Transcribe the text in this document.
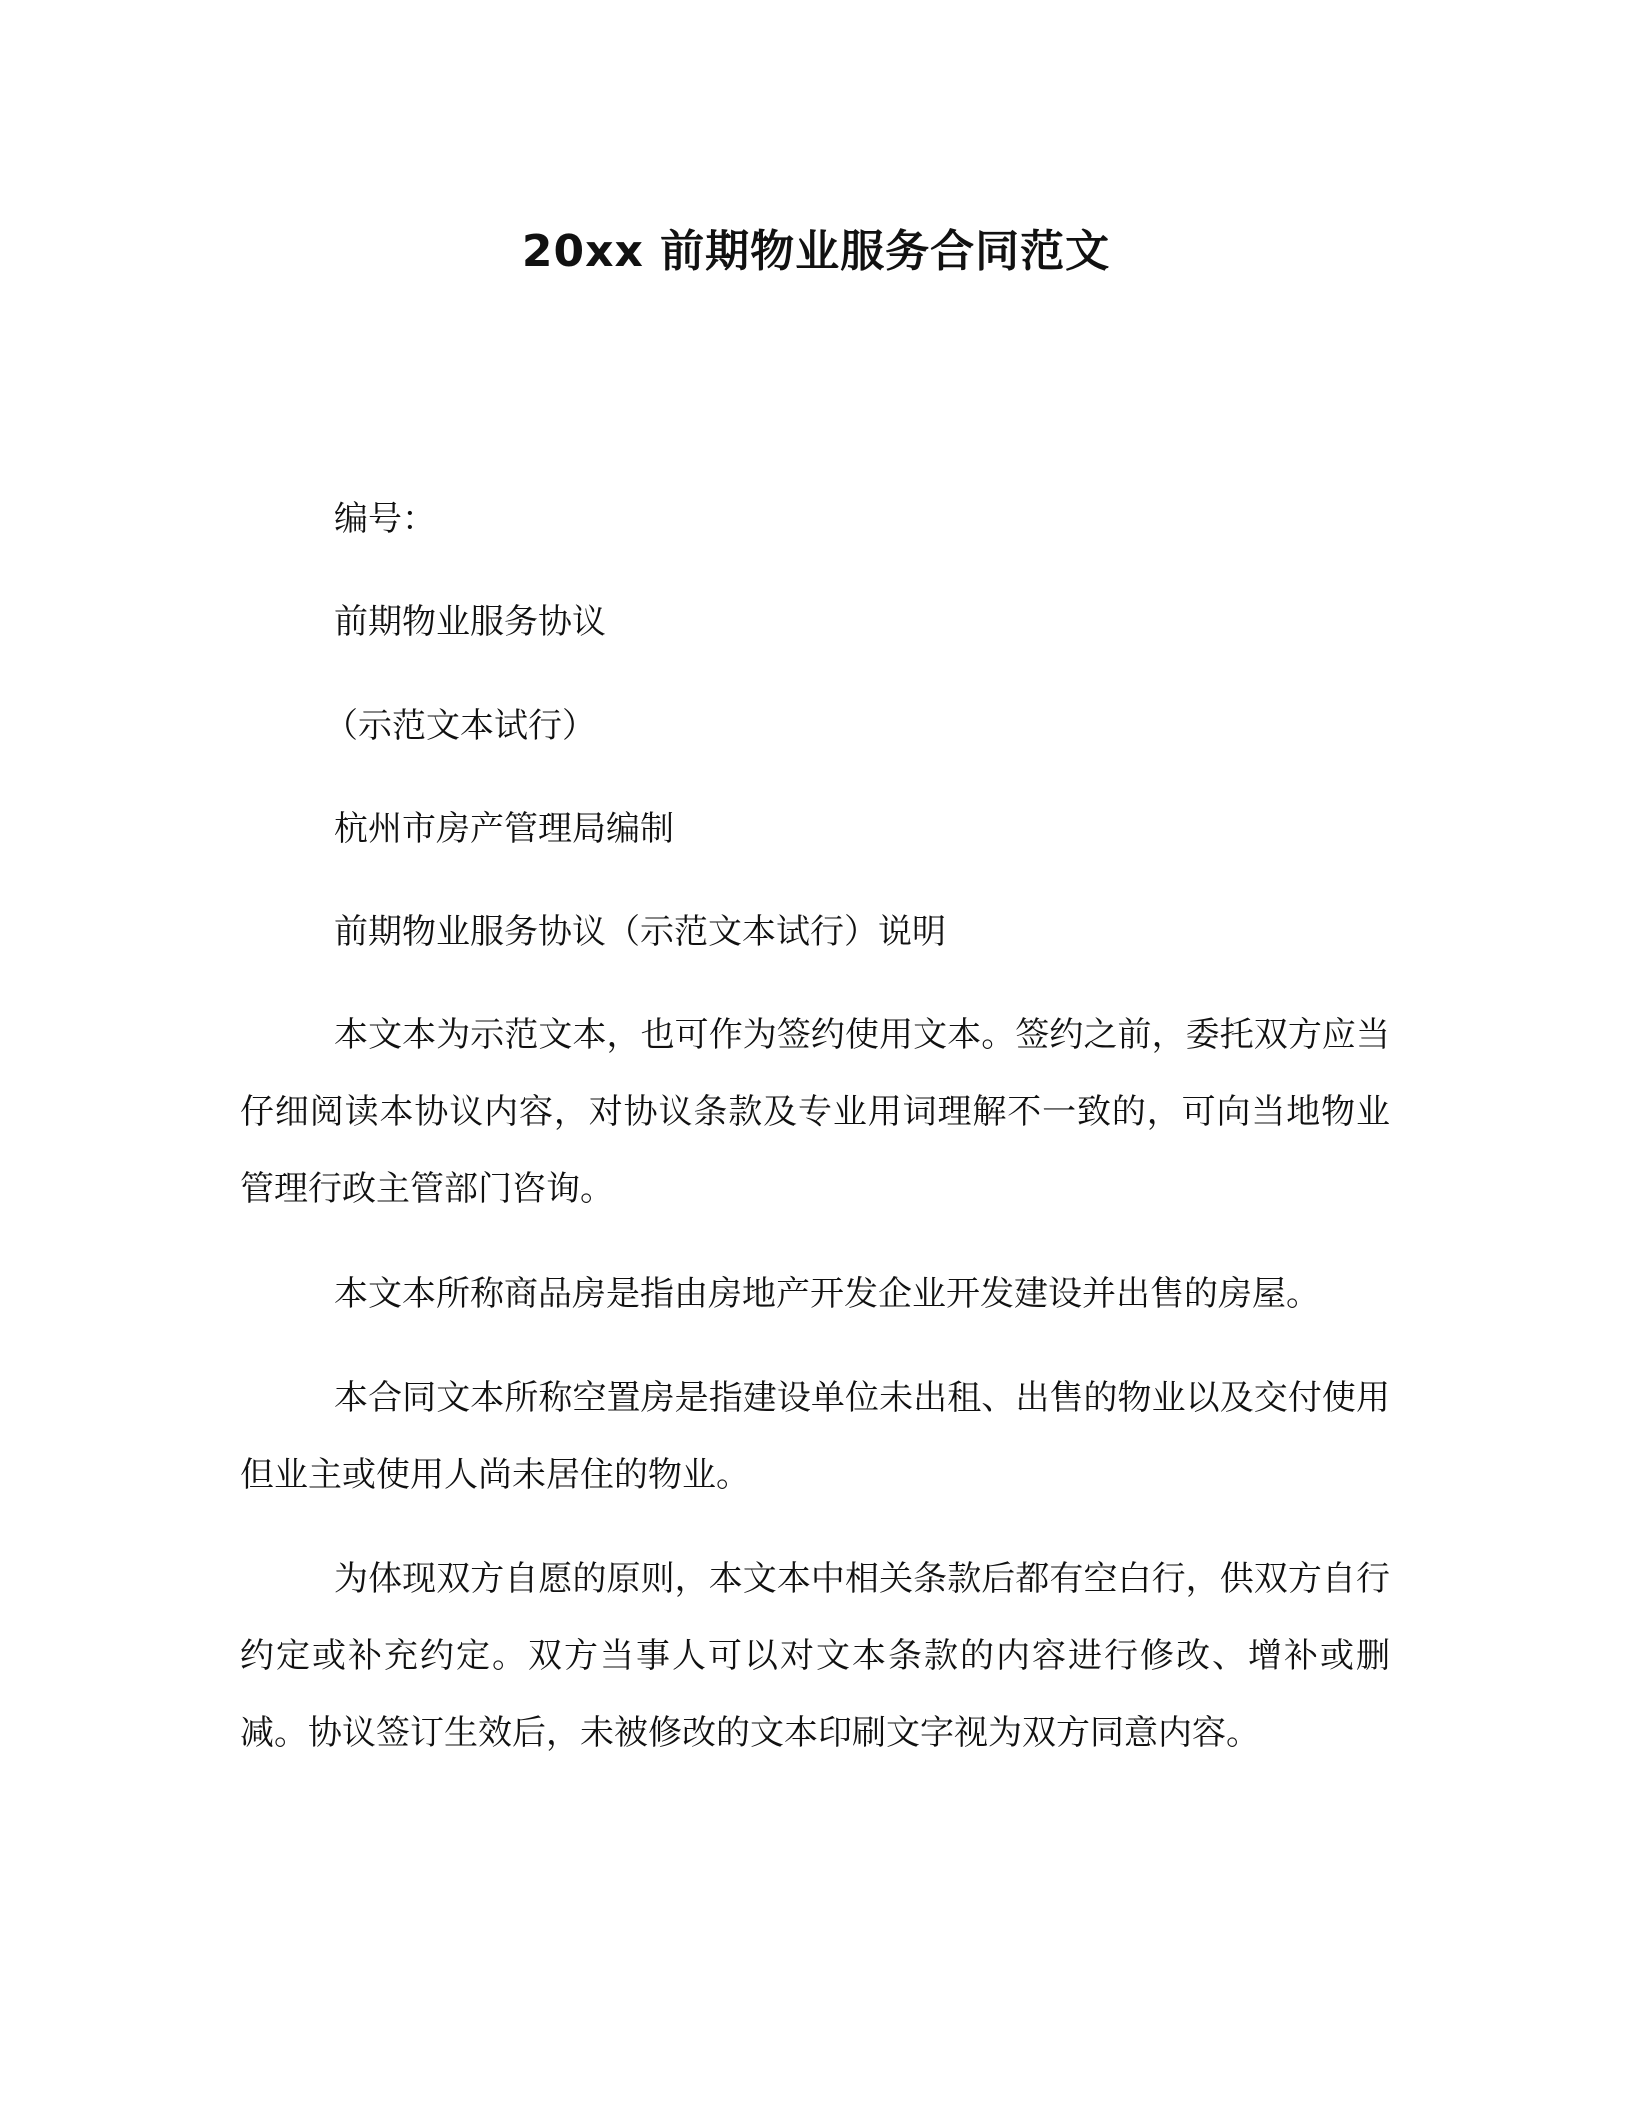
20xx 前期物业服务合同范文
编号：
前期物业服务协议
（示范文本试行）
杭州市房产管理局编制
前期物业服务协议（示范文本试行）说明

本文本为示范文本，也可作为签约使用文本。签约之前，委托双方应当仔细阅读本协议内容，对协议条款及专业用词理解不一致的，可向当地物业管理行政主管部门咨询。

本文本所称商品房是指由房地产开发企业开发建设并出售的房屋。

本合同文本所称空置房是指建设单位未出租、出售的物业以及交付使用但业主或使用人尚未居住的物业。

为体现双方自愿的原则，本文本中相关条款后都有空白行，供双方自行约定或补充约定。双方当事人可以对文本条款的内容进行修改、增补或删减。协议签订生效后，未被修改的文本印刷文字视为双方同意内容。
